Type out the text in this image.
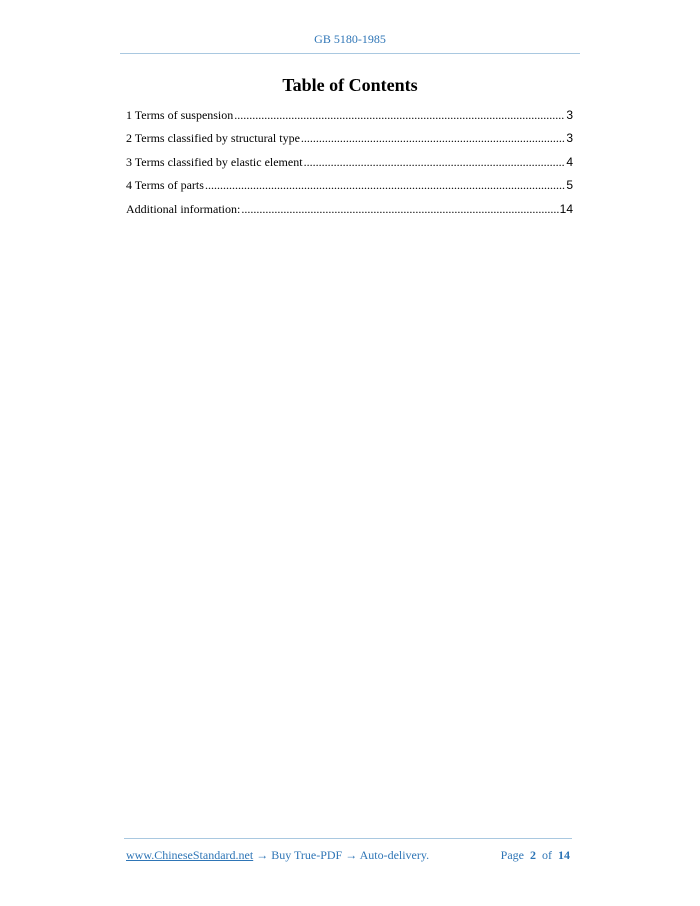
GB 5180-1985
Table of Contents
1 Terms of suspension .....	3
2 Terms classified by structural type .....	3
3 Terms classified by elastic element .....	4
4 Terms of parts .....	5
Additional information: .....	14
www.ChineseStandard.net → Buy True-PDF → Auto-delivery.	Page 2 of 14
